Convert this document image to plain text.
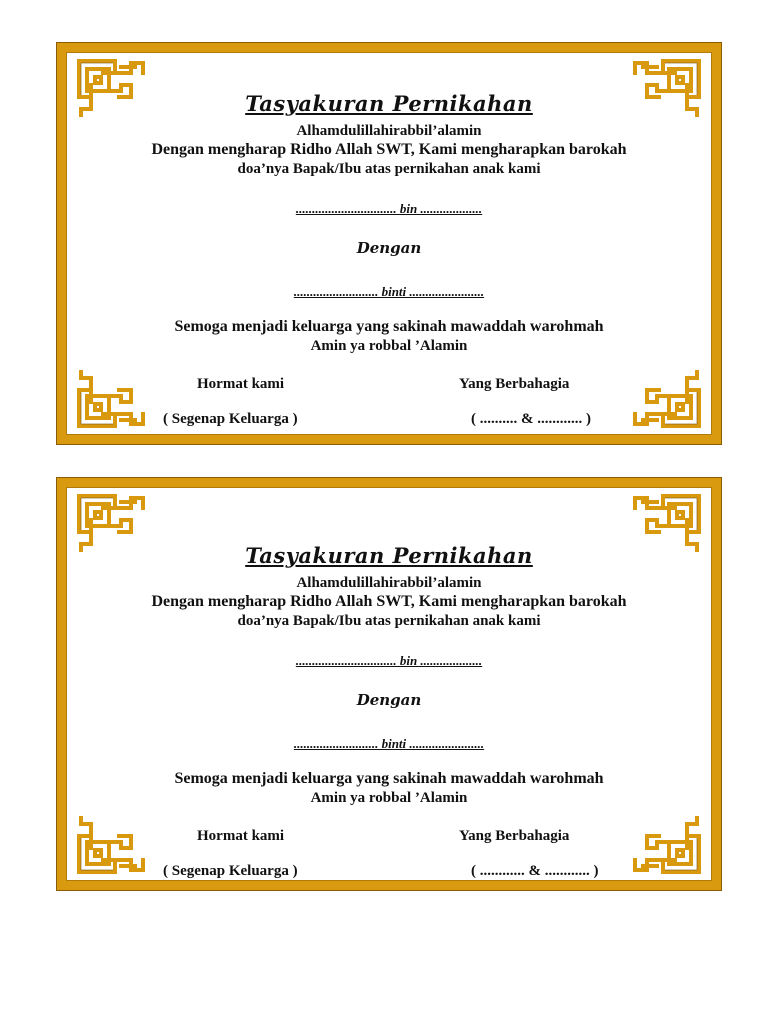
Tasyakuran Pernikahan
Alhamdulillahirabbil’alamin
Dengan mengharap Ridho Allah SWT, Kami mengharapkan barokah
doa’nya Bapak/Ibu atas pernikahan anak kami
............................... bin ...................
Dengan
.......................... binti .......................
Semoga menjadi keluarga yang sakinah mawaddah warohmah
Amin ya robbal ’Alamin
Hormat kami	Yang Berbahagia
( Segenap Keluarga )	( .......... & ............ )
Tasyakuran Pernikahan
Alhamdulillahirabbil’alamin
Dengan mengharap Ridho Allah SWT, Kami mengharapkan barokah
doa’nya Bapak/Ibu atas pernikahan anak kami
............................... bin ...................
Dengan
.......................... binti .......................
Semoga menjadi keluarga yang sakinah mawaddah warohmah
Amin ya robbal ’Alamin
Hormat kami	Yang Berbahagia
( Segenap Keluarga )	( ............ & ............ )
